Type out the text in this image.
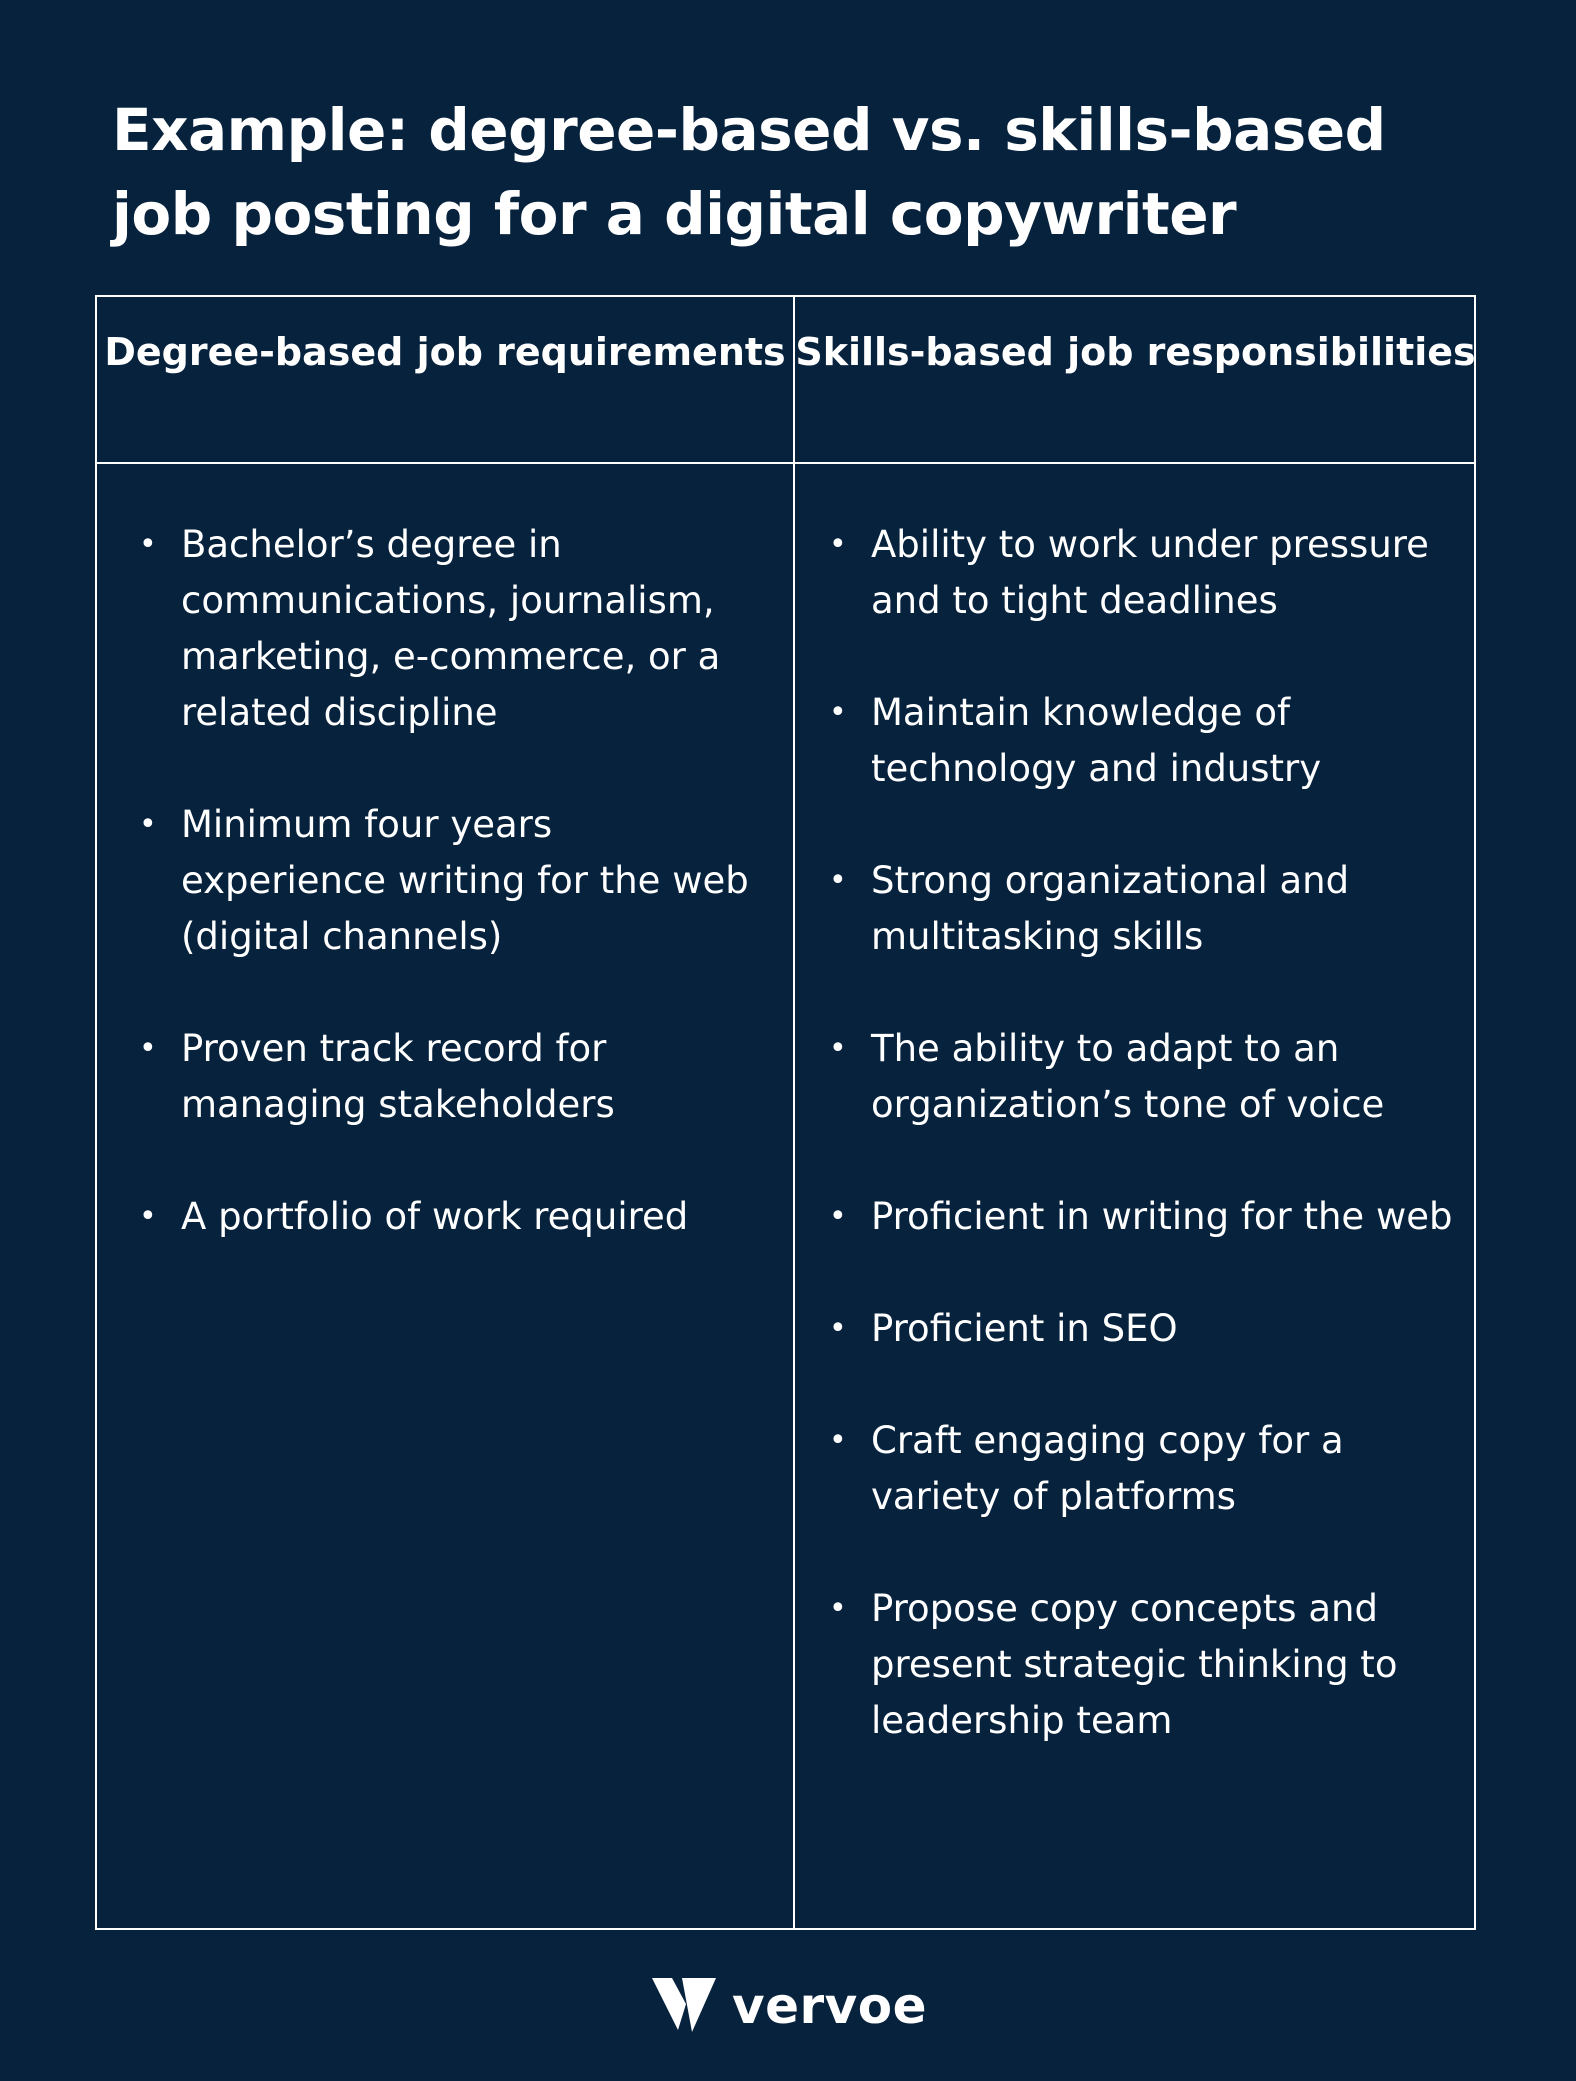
Example: degree-based vs. skills-based job posting for a digital copywriter
Degree-based job requirements Skills-based job responsibilities
• Bachelor’s degree in communications, journalism, marketing, e-commerce, or a related discipline
• Minimum four years experience writing for the web (digital channels)
• Proven track record for managing stakeholders
• A portfolio of work required
• Ability to work under pressure and to tight deadlines
• Maintain knowledge of technology and industry
• Strong organizational and multitasking skills
• The ability to adapt to an organization’s tone of voice
• Proficient in writing for the web
• Proficient in SEO
• Craft engaging copy for a variety of platforms
• Propose copy concepts and present strategic thinking to leadership team
vervoe
